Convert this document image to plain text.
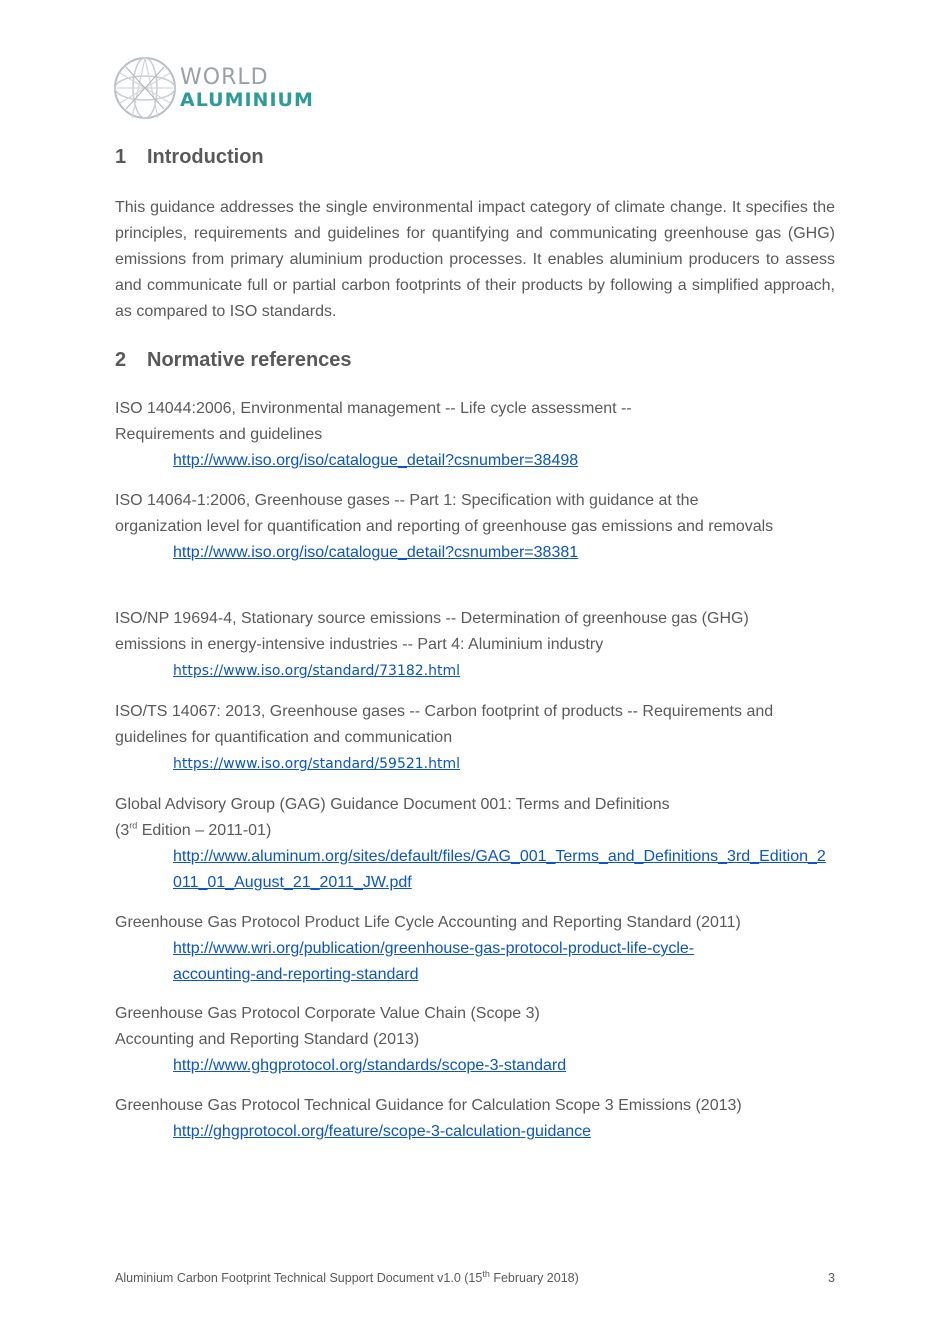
WORLD
ALUMINIUM
1 Introduction

This guidance addresses the single environmental impact category of climate change. It specifies the principles, requirements and guidelines for quantifying and communicating greenhouse gas (GHG) emissions from primary aluminium production processes. It enables aluminium producers to assess and communicate full or partial carbon footprints of their products by following a simplified approach, as compared to ISO standards.

2 Normative references
ISO 14044:2006, Environmental management -- Life cycle assessment --
Requirements and guidelines
http://www.iso.org/iso/catalogue_detail?csnumber=38498
ISO 14064-1:2006, Greenhouse gases -- Part 1: Specification with guidance at the organization level for quantification and reporting of greenhouse gas emissions and removals
http://www.iso.org/iso/catalogue_detail?csnumber=38381
ISO/NP 19694-4, Stationary source emissions -- Determination of greenhouse gas (GHG) emissions in energy-intensive industries -- Part 4: Aluminium industry
https://www.iso.org/standard/73182.html
ISO/TS 14067: 2013, Greenhouse gases -- Carbon footprint of products -- Requirements and guidelines for quantification and communication
https://www.iso.org/standard/59521.html
Global Advisory Group (GAG) Guidance Document 001: Terms and Definitions
(3rd Edition – 2011-01)
http://www.aluminum.org/sites/default/files/GAG_001_Terms_and_Definitions_3rd_Edition_2011_01_August_21_2011_JW.pdf
Greenhouse Gas Protocol Product Life Cycle Accounting and Reporting Standard (2011)
http://www.wri.org/publication/greenhouse-gas-protocol-product-life-cycle-accounting-and-reporting-standard
Greenhouse Gas Protocol Corporate Value Chain (Scope 3)
Accounting and Reporting Standard (2013)
http://www.ghgprotocol.org/standards/scope-3-standard
Greenhouse Gas Protocol Technical Guidance for Calculation Scope 3 Emissions (2013)
http://ghgprotocol.org/feature/scope-3-calculation-guidance
Aluminium Carbon Footprint Technical Support Document v1.0 (15th February 2018)	3
